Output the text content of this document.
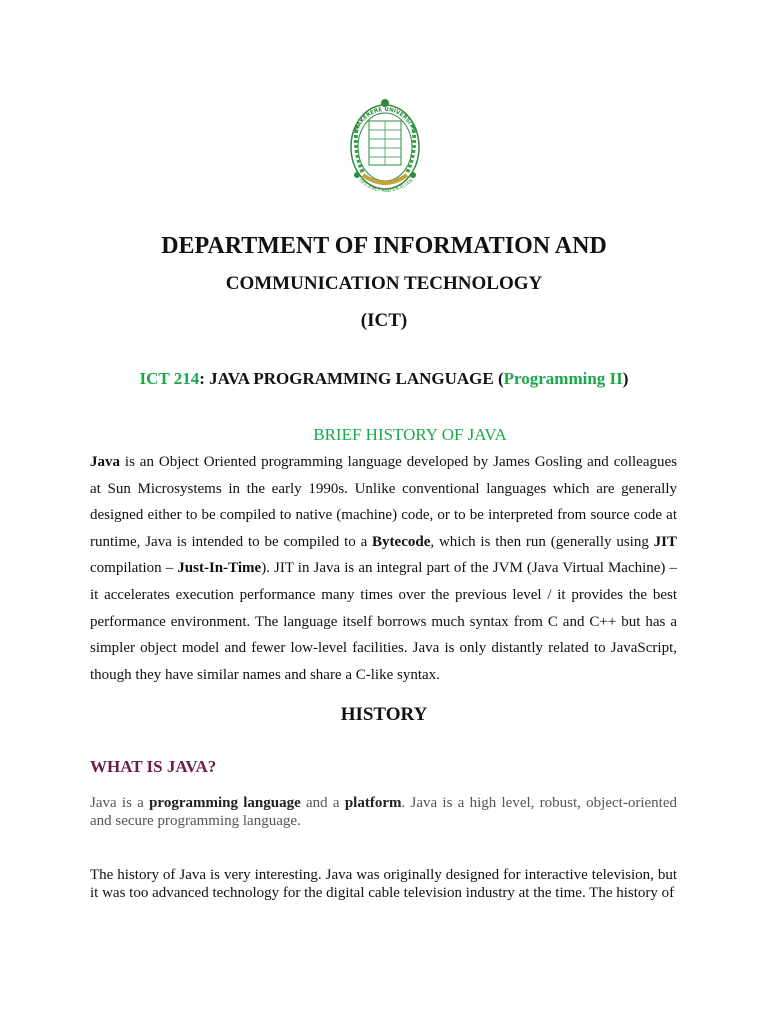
MAKERERE UNIVERSITY
OFICIENCY AND EXCELLEN
DEPARTMENT OF INFORMATION AND
COMMUNICATION TECHNOLOGY
(ICT)
ICT 214: JAVA PROGRAMMING LANGUAGE (Programming II)
BRIEF HISTORY OF JAVA
Java is an Object Oriented programming language developed by James Gosling and colleagues at Sun Microsystems in the early 1990s. Unlike conventional languages which are generally designed either to be compiled to native (machine) code, or to be interpreted from source code at runtime, Java is intended to be compiled to a Bytecode, which is then run (generally using JIT compilation – Just-In-Time). JIT in Java is an integral part of the JVM (Java Virtual Machine) – it accelerates execution performance many times over the previous level / it provides the best performance environment. The language itself borrows much syntax from C and C++ but has a simpler object model and fewer low-level facilities. Java is only distantly related to JavaScript, though they have similar names and share a C-like syntax.
HISTORY
WHAT IS JAVA?
Java is a programming language and a platform. Java is a high level, robust, object-oriented and secure programming language.
The history of Java is very interesting. Java was originally designed for interactive television, but it was too advanced technology for the digital cable television industry at the time. The history of
